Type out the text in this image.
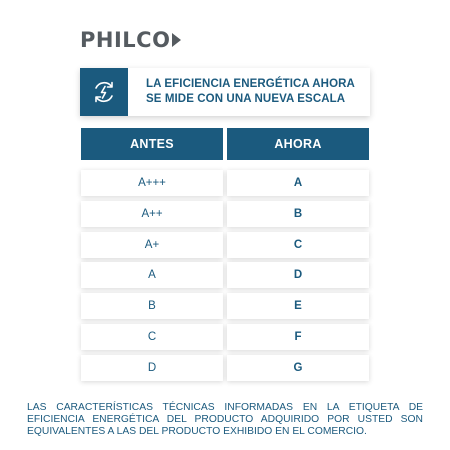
PHILCO
LA EFICIENCIA ENERGÉTICA AHORA
SE MIDE CON UNA NUEVA ESCALA
ANTES	AHORA
A+++	A
A++	B
A+	C
A	D
B	E
C	F
D	G
LAS CARACTERÍSTICAS TÉCNICAS INFORMADAS EN LA ETIQUETA DE EFICIENCIA ENERGÉTICA DEL PRODUCTO ADQUIRIDO POR USTED SON EQUIVALENTES A LAS DEL PRODUCTO EXHIBIDO EN EL COMERCIO.
